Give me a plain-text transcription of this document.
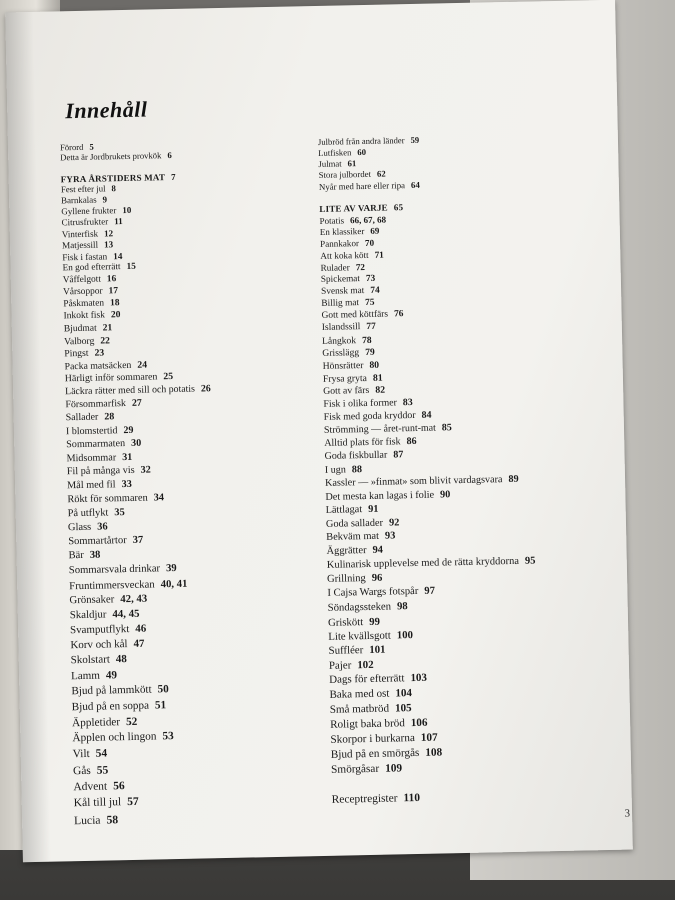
Innehåll
Förord 5
Detta är Jordbrukets provkök 6
FYRA ÅRSTIDERS MAT 7
Fest efter jul 8
Barnkalas 9
Gyllene frukter 10
Citrusfrukter 11
Vinterfisk 12
Matjessill 13
Fisk i fastan 14
En god efterrätt 15
Våffelgott 16
Vårsoppor 17
Påskmaten 18
Inkokt fisk 20
Bjudmat 21
Valborg 22
Pingst 23
Packa matsäcken 24
Härligt inför sommaren 25
Läckra rätter med sill och potatis 26
Försommarfisk 27
Sallader 28
I blomstertid 29
Sommarmaten 30
Midsommar 31
Fil på många vis 32
Mål med fil 33
Rökt för sommaren 34
På utflykt 35
Glass 36
Sommartårtor 37
Bär 38
Sommarsvala drinkar 39
Fruntimmersveckan 40, 41
Grönsaker 42, 43
Skaldjur 44, 45
Svamputflykt 46
Korv och kål 47
Skolstart 48
Lamm 49
Bjud på lammkött 50
Bjud på en soppa 51
Äppletider 52
Äpplen och lingon 53
Vilt 54
Gås 55
Advent 56
Kål till jul 57
Lucia 58
Julbröd från andra länder 59
Lutfisken 60
Julmat 61
Stora julbordet 62
Nyår med hare eller ripa 64
LITE AV VARJE 65
Potatis 66, 67, 68
En klassiker 69
Pannkakor 70
Att koka kött 71
Rulader 72
Spickemat 73
Svensk mat 74
Billig mat 75
Gott med köttfärs 76
Islandssill 77
Långkok 78
Grisslägg 79
Hönsrätter 80
Frysa gryta 81
Gott av färs 82
Fisk i olika former 83
Fisk med goda kryddor 84
Strömming — året-runt-mat 85
Alltid plats för fisk 86
Goda fiskbullar 87
I ugn 88
Kassler — »finmat» som blivit vardagsvara 89
Det mesta kan lagas i folie 90
Lättlagat 91
Goda sallader 92
Bekväm mat 93
Äggrätter 94
Kulinarisk upplevelse med de rätta kryddorna 95
Grillning 96
I Cajsa Wargs fotspår 97
Söndagssteken 98
Griskött 99
Lite kvällsgott 100
Suffléer 101
Pajer 102
Dags för efterrätt 103
Baka med ost 104
Små matbröd 105
Roligt baka bröd 106
Skorpor i burkarna 107
Bjud på en smörgås 108
Smörgåsar 109
Receptregister 110
3
